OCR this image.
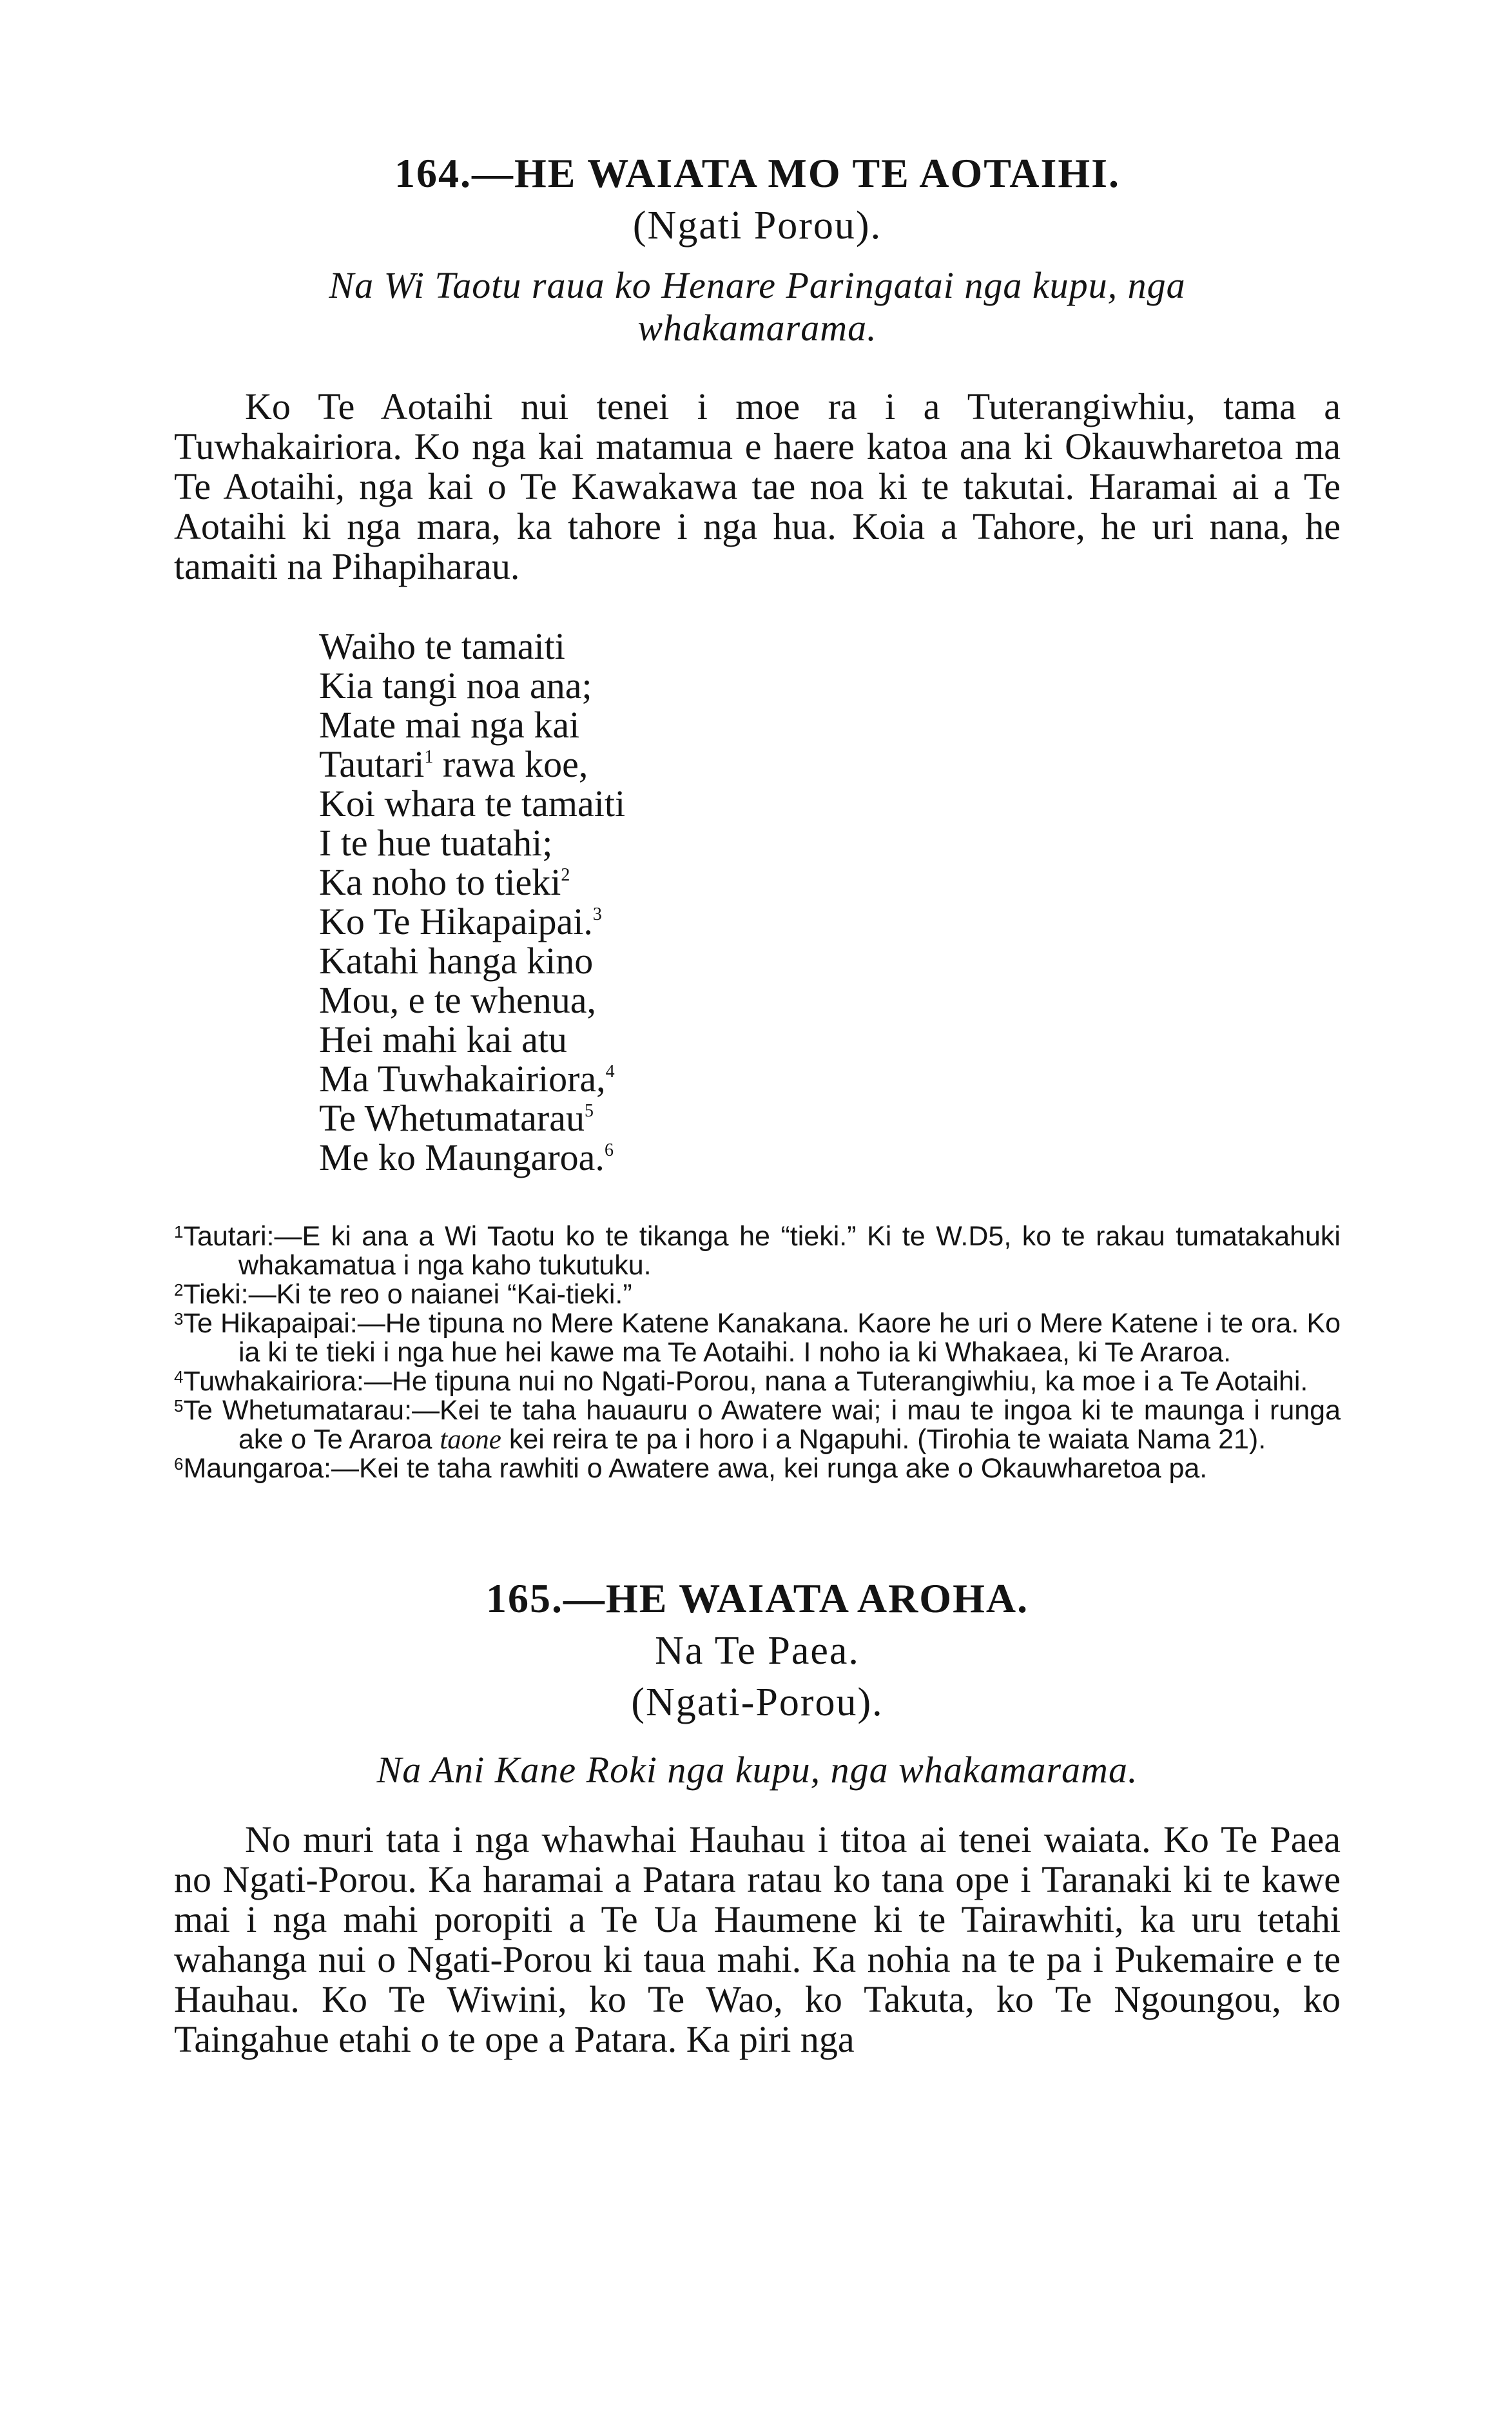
164.—HE WAIATA MO TE AOTAIHI.

(Ngati Porou).

Na Wi Taotu raua ko Henare Paringatai nga kupu, nga whakamarama.

Ko Te Aotaihi nui tenei i moe ra i a Tuterangiwhiu, tama a Tuwhakairiora. Ko nga kai matamua e haere katoa ana ki Okauwharetoa ma Te Aotaihi, nga kai o Te Kawakawa tae noa ki te takutai. Haramai ai a Te Aotaihi ki nga mara, ka tahore i nga hua. Koia a Tahore, he uri nana, he tamaiti na Pihapiharau.

Waiho te tamaiti
Kia tangi noa ana;
Mate mai nga kai
Tautari$^1$ rawa koe,
Koi whara te tamaiti
I te hue tuatahi;
Ka noho to tieki$^2$
Ko Te Hikapaipai.$^3$
Katahi hanga kino
Mou, e te whenua,
Hei mahi kai atu
Ma Tuwhakairiora,$^4$
Te Whetumatarau$^5$
Me ko Maungaroa.$^6$
$^1$Tautari:—E ki ana a Wi Taotu ko te tikanga he “tieki.” Ki te W.D5, ko te rakau tumatakahuki whakamatua i nga kaho tukutuku.
$^2$Tieki:—Ki te reo o naianei “Kai-tieki.”
$^3$Te Hikapaipai:—He tipuna no Mere Katene Kanakana. Kaore he uri o Mere Katene i te ora. Ko ia ki te tieki i nga hue hei kawe ma Te Aotaihi. I noho ia ki Whakaea, ki Te Araroa.
$^4$Tuwhakairiora:—He tipuna nui no Ngati-Porou, nana a Tuterangiwhiu, ka moe i a Te Aotaihi.
$^5$Te Whetumatarau:—Kei te taha hauauru o Awatere wai; i mau te ingoa ki te maunga i runga ake o Te Araroa taone kei reira te pa i horo i a Ngapuhi. (Tirohia te waiata Nama 21).
$^6$Maungaroa:—Kei te taha rawhiti o Awatere awa, kei runga ake o Okauwharetoa pa.
165.—HE WAIATA AROHA.

Na Te Paea.

(Ngati-Porou).

Na Ani Kane Roki nga kupu, nga whakamarama.

No muri tata i nga whawhai Hauhau i titoa ai tenei waiata. Ko Te Paea no Ngati-Porou. Ka haramai a Patara ratau ko tana ope i Taranaki ki te kawe mai i nga mahi poropiti a Te Ua Haumene ki te Tairawhiti, ka uru tetahi wahanga nui o Ngati-Porou ki taua mahi. Ka nohia na te pa i Pukemaire e te Hauhau. Ko Te Wiwini, ko Te Wao, ko Takuta, ko Te Ngoungou, ko Taingahue etahi o te ope a Patara. Ka piri nga
